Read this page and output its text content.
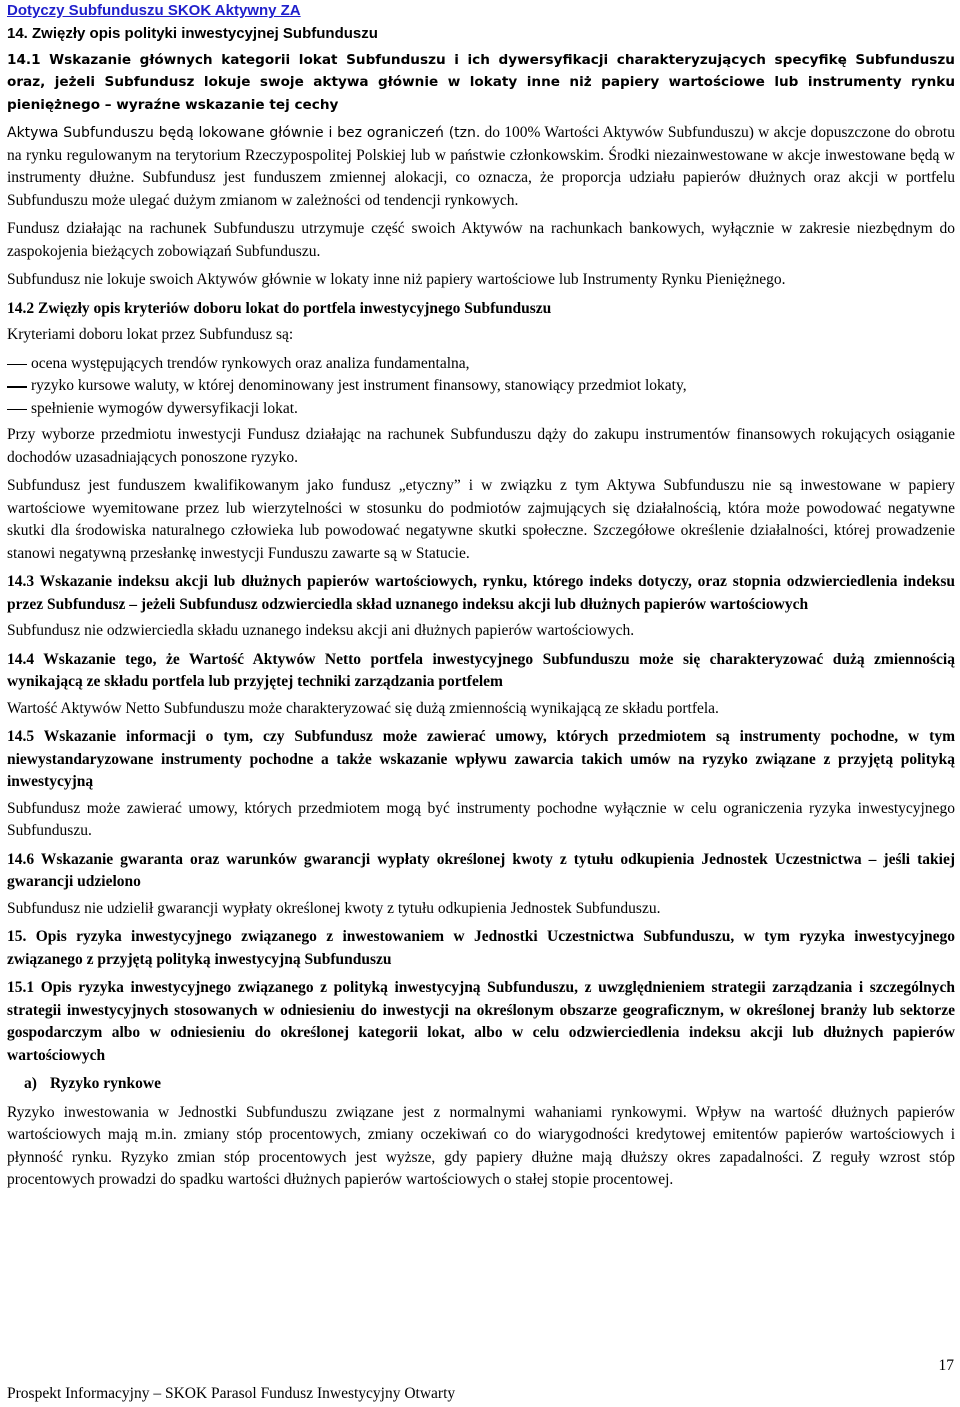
Dotyczy Subfunduszu SKOK Aktywny ZA
14. Zwięzły opis polityki inwestycyjnej Subfunduszu
14.1 Wskazanie głównych kategorii lokat Subfunduszu i ich dywersyfikacji charakteryzujących specyfikę Subfunduszu oraz, jeżeli Subfundusz lokuje swoje aktywa głównie w lokaty inne niż papiery wartościowe lub instrumenty rynku pieniężnego – wyraźne wskazanie tej cechy

Aktywa Subfunduszu będą lokowane głównie i bez ograniczeń (tzn. do 100% Wartości Aktywów Subfunduszu) w akcje dopuszczone do obrotu na rynku regulowanym na terytorium Rzeczypospolitej Polskiej lub w państwie członkowskim. Środki niezainwestowane w akcje inwestowane będą w instrumenty dłużne. Subfundusz jest funduszem zmiennej alokacji, co oznacza, że proporcja udziału papierów dłużnych oraz akcji w portfelu Subfunduszu może ulegać dużym zmianom w zależności od tendencji rynkowych.

Fundusz działając na rachunek Subfunduszu utrzymuje część swoich Aktywów na rachunkach bankowych, wyłącznie w zakresie niezbędnym do zaspokojenia bieżących zobowiązań Subfunduszu.

Subfundusz nie lokuje swoich Aktywów głównie w lokaty inne niż papiery wartościowe lub Instrumenty Rynku Pieniężnego.

14.2 Zwięzły opis kryteriów doboru lokat do portfela inwestycyjnego Subfunduszu

Kryteriami doboru lokat przez Subfundusz są:

ocena występujących trendów rynkowych oraz analiza fundamentalna,
ryzyko kursowe waluty, w której denominowany jest instrument finansowy, stanowiący przedmiot lokaty,
spełnienie wymogów dywersyfikacji lokat.

Przy wyborze przedmiotu inwestycji Fundusz działając na rachunek Subfunduszu dąży do zakupu instrumentów finansowych rokujących osiąganie dochodów uzasadniających ponoszone ryzyko.

Subfundusz jest funduszem kwalifikowanym jako fundusz „etyczny” i w związku z tym Aktywa Subfunduszu nie są inwestowane w papiery wartościowe wyemitowane przez lub wierzytelności w stosunku do podmiotów zajmujących się działalnością, która może powodować negatywne skutki dla środowiska naturalnego człowieka lub powodować negatywne skutki społeczne. Szczegółowe określenie działalności, której prowadzenie stanowi negatywną przesłankę inwestycji Funduszu zawarte są w Statucie.

14.3 Wskazanie indeksu akcji lub dłużnych papierów wartościowych, rynku, którego indeks dotyczy, oraz stopnia odzwierciedlenia indeksu przez Subfundusz – jeżeli Subfundusz odzwierciedla skład uznanego indeksu akcji lub dłużnych papierów wartościowych

Subfundusz nie odzwierciedla składu uznanego indeksu akcji ani dłużnych papierów wartościowych.

14.4 Wskazanie tego, że Wartość Aktywów Netto portfela inwestycyjnego Subfunduszu może się charakteryzować dużą zmiennością wynikającą ze składu portfela lub przyjętej techniki zarządzania portfelem

Wartość Aktywów Netto Subfunduszu może charakteryzować się dużą zmiennością wynikającą ze składu portfela.

14.5 Wskazanie informacji o tym, czy Subfundusz może zawierać umowy, których przedmiotem są instrumenty pochodne, w tym niewystandaryzowane instrumenty pochodne a także wskazanie wpływu zawarcia takich umów na ryzyko związane z przyjętą polityką inwestycyjną

Subfundusz może zawierać umowy, których przedmiotem mogą być instrumenty pochodne wyłącznie w celu ograniczenia ryzyka inwestycyjnego Subfunduszu.

14.6 Wskazanie gwaranta oraz warunków gwarancji wypłaty określonej kwoty z tytułu odkupienia Jednostek Uczestnictwa – jeśli takiej gwarancji udzielono

Subfundusz nie udzielił gwarancji wypłaty określonej kwoty z tytułu odkupienia Jednostek Subfunduszu.

15. Opis ryzyka inwestycyjnego związanego z inwestowaniem w Jednostki Uczestnictwa Subfunduszu, w tym ryzyka inwestycyjnego związanego z przyjętą polityką inwestycyjną Subfunduszu
15.1 Opis ryzyka inwestycyjnego związanego z polityką inwestycyjną Subfunduszu, z uwzględnieniem strategii zarządzania i szczególnych strategii inwestycyjnych stosowanych w odniesieniu do inwestycji na określonym obszarze geograficznym, w określonej branży lub sektorze gospodarczym albo w odniesieniu do określonej kategorii lokat, albo w celu odzwierciedlenia indeksu akcji lub dłużnych papierów wartościowych
a) Ryzyko rynkowe

Ryzyko inwestowania w Jednostki Subfunduszu związane jest z normalnymi wahaniami rynkowymi. Wpływ na wartość dłużnych papierów wartościowych mają m.in. zmiany stóp procentowych, zmiany oczekiwań co do wiarygodności kredytowej emitentów papierów wartościowych i płynność rynku. Ryzyko zmian stóp procentowych jest wyższe, gdy papiery dłużne mają dłuższy okres zapadalności. Z reguły wzrost stóp procentowych prowadzi do spadku wartości dłużnych papierów wartościowych o stałej stopie procentowej.

17
Prospekt Informacyjny – SKOK Parasol Fundusz Inwestycyjny Otwarty
